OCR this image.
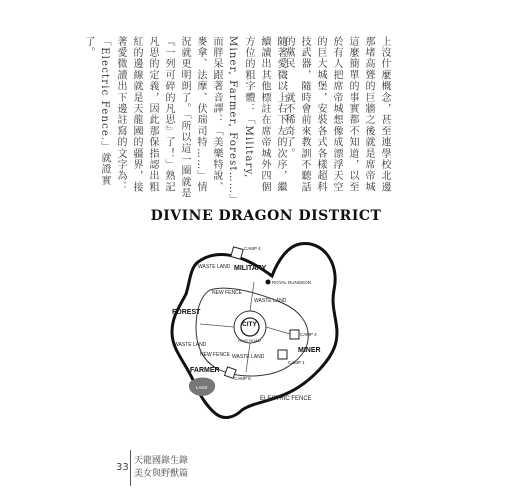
上沒什麼概念，甚至連學校北邊那堵高聳的巨牆之後就是席帝城這麼簡單的事實都不知道，以至於有人把席帝城想像成漂浮天空的巨大城堡，安裝各式各樣超科技武器，隨時會前來教訓不聽話的黨民……就不稀奇了。
隨著愛微以上右下左的次序，繼續讀出其他標註在席帝城外四個方位的粗字體：「Military, Miner, Farmer, Forest……」而胖呆跟著音譯：「美樂特說、麥拿、法摩、伏瑞司特……」情況就更明朗了。「所以這一圈就是『一列可碎的凡思』了！」熟記凡思的定義，因此那保指認出粗紅的邊線就是天龍國的疆界，接著愛微讀出下邊註寫的文字為：「Electric Fence.」就證實了。
DIVINE DRAGON DISTRICT
CAMP 4
MILITARY
WASTE LAND
ROYAL DUNGEON
NEW FENCE
WASTE LAND
FOREST
CITY
RING ROAD
CAMP 3
WASTE LAND
MINER
WASTE LAND
NEW FENCE
CAMP 1
CAMP 5
FARMER
LAKE
ELECTRIC FENCE
33
天龍國錄生錄
美女與野獸篇
